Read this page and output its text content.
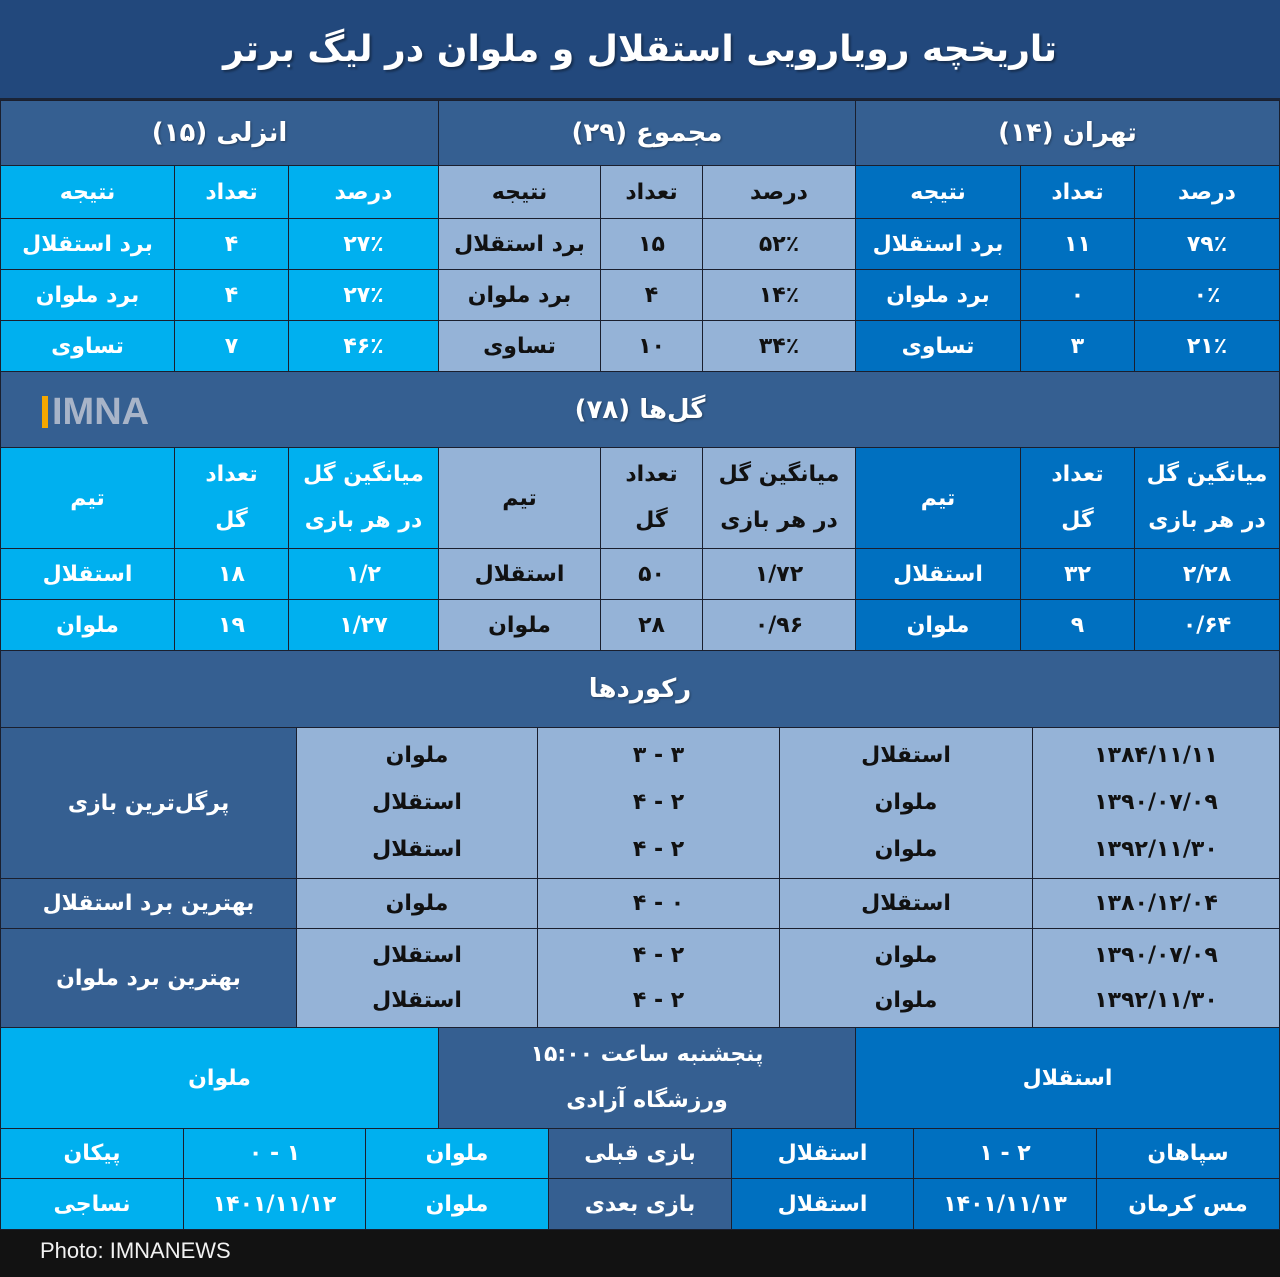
تاریخچه رویارویی استقلال و ملوان در لیگ برتر
تهران (۱۴)
مجموع (۲۹)
انزلی (۱۵)
درصد
تعداد
نتیجه
۷۹٪
۱۱
برد استقلال
۰٪
۰
برد ملوان
۲۱٪
۳
تساوی
درصد
تعداد
نتیجه
۵۲٪
۱۵
برد استقلال
۱۴٪
۴
برد ملوان
۳۴٪
۱۰
تساوی
درصد
تعداد
نتیجه
۲۷٪
۴
برد استقلال
۲۷٪
۴
برد ملوان
۴۶٪
۷
تساوی
گل‌ها (۷۸)
IMNA
میانگین گل
در هر بازی
تعداد
گل
تیم
۲/۲۸
۳۲
استقلال
۰/۶۴
۹
ملوان
میانگین گل
در هر بازی
تعداد
گل
تیم
۱/۷۲
۵۰
استقلال
۰/۹۶
۲۸
ملوان
میانگین گل
در هر بازی
تعداد
گل
تیم
۱/۲
۱۸
استقلال
۱/۲۷
۱۹
ملوان
رکوردها
۱۳۸۴/۱۱/۱۱
۱۳۹۰/۰۷/۰۹
۱۳۹۲/۱۱/۳۰
استقلال
ملوان
ملوان
۳ - ۳
۲ - ۴
۲ - ۴
ملوان
استقلال
استقلال
پرگل‌ترین بازی
۱۳۸۰/۱۲/۰۴
استقلال
۰ - ۴
ملوان
بهترین برد استقلال
۱۳۹۰/۰۷/۰۹
۱۳۹۲/۱۱/۳۰
ملوان
ملوان
۲ - ۴
۲ - ۴
استقلال
استقلال
بهترین برد ملوان
استقلال
پنجشنبه ساعت ۱۵:۰۰
ورزشگاه آزادی
ملوان
سپاهان
۲ - ۱
استقلال
بازی قبلی
ملوان
۱ - ۰
پیکان
مس کرمان
۱۴۰۱/۱۱/۱۳
استقلال
بازی بعدی
ملوان
۱۴۰۱/۱۱/۱۲
نساجی
Photo: IMNANEWS
